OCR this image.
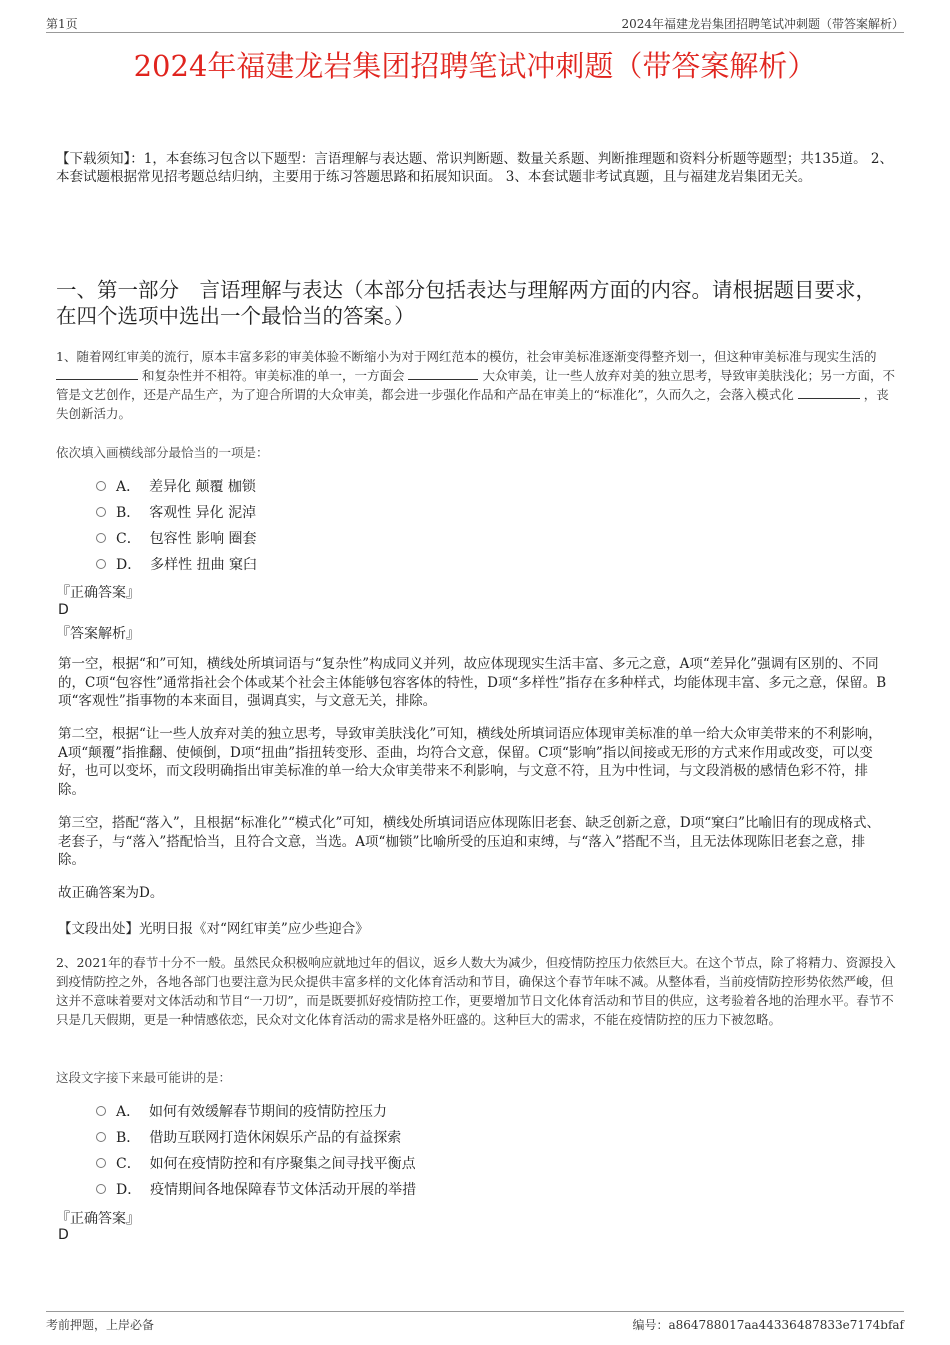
第1页	2024年福建龙岩集团招聘笔试冲刺题（带答案解析）
2024年福建龙岩集团招聘笔试冲刺题（带答案解析）
【下载须知】：1，本套练习包含以下题型：言语理解与表达题、常识判断题、数量关系题、判断推理题和资料分析题等题型；共135道。 2、本套试题根据常见招考题总结归纳，主要用于练习答题思路和拓展知识面。 3、本套试题非考试真题，且与福建龙岩集团无关。
一、第一部分　言语理解与表达（本部分包括表达与理解两方面的内容。请根据题目要求，在四个选项中选出一个最恰当的答案。）
1、随着网红审美的流行，原本丰富多彩的审美体验不断缩小为对于网红范本的模仿，社会审美标准逐渐变得整齐划一，但这种审美标准与现实生活的  和复杂性并不相符。审美标准的单一，一方面会	大众审美，让一些人放弃对美的独立思考，导致审美肤浅化；另一方面，不管是文艺创作，还是产品生产，为了迎合所谓的大众审美，都会进一步强化作品和产品在审美上的“标准化”，久而久之，会落入模式化	，丧失创新活力。
依次填入画横线部分最恰当的一项是：
A． 差异化 颠覆 枷锁
B． 客观性 异化 泥淖
C． 包容性 影响 圈套
D． 多样性 扭曲 窠臼
『正确答案』
D
『答案解析』
第一空，根据“和”可知，横线处所填词语与“复杂性”构成同义并列，故应体现现实生活丰富、多元之意，A项“差异化”强调有区别的、不同的，C项“包容性”通常指社会个体或某个社会主体能够包容客体的特性，D项“多样性”指存在多种样式，均能体现丰富、多元之意，保留。B项“客观性”指事物的本来面目，强调真实，与文意无关，排除。
第二空，根据“让一些人放弃对美的独立思考，导致审美肤浅化”可知，横线处所填词语应体现审美标准的单一给大众审美带来的不利影响，A项“颠覆”指推翻、使倾倒，D项“扭曲”指扭转变形、歪曲，均符合文意，保留。C项“影响”指以间接或无形的方式来作用或改变，可以变好，也可以变坏，而文段明确指出审美标准的单一给大众审美带来不利影响，与文意不符，且为中性词，与文段消极的感情色彩不符，排除。
第三空，搭配“落入”，且根据“标准化”“模式化”可知，横线处所填词语应体现陈旧老套、缺乏创新之意，D项“窠臼”比喻旧有的现成格式、老套子，与“落入”搭配恰当，且符合文意，当选。A项“枷锁”比喻所受的压迫和束缚，与“落入”搭配不当，且无法体现陈旧老套之意，排除。
故正确答案为D。
【文段出处】光明日报《对“网红审美”应少些迎合》
2、2021年的春节十分不一般。虽然民众积极响应就地过年的倡议，返乡人数大为减少，但疫情防控压力依然巨大。在这个节点，除了将精力、资源投入到疫情防控之外，各地各部门也要注意为民众提供丰富多样的文化体育活动和节目，确保这个春节年味不减。从整体看，当前疫情防控形势依然严峻，但这并不意味着要对文体活动和节目“一刀切”，而是既要抓好疫情防控工作，更要增加节日文化体育活动和节目的供应，这考验着各地的治理水平。春节不只是几天假期，更是一种情感依恋，民众对文化体育活动的需求是格外旺盛的。这种巨大的需求，不能在疫情防控的压力下被忽略。
这段文字接下来最可能讲的是：
A． 如何有效缓解春节期间的疫情防控压力
B． 借助互联网打造休闲娱乐产品的有益探索
C． 如何在疫情防控和有序聚集之间寻找平衡点
D． 疫情期间各地保障春节文体活动开展的举措
『正确答案』
D
考前押题，上岸必备	编号：a864788017aa44336487833e7174bfaf
